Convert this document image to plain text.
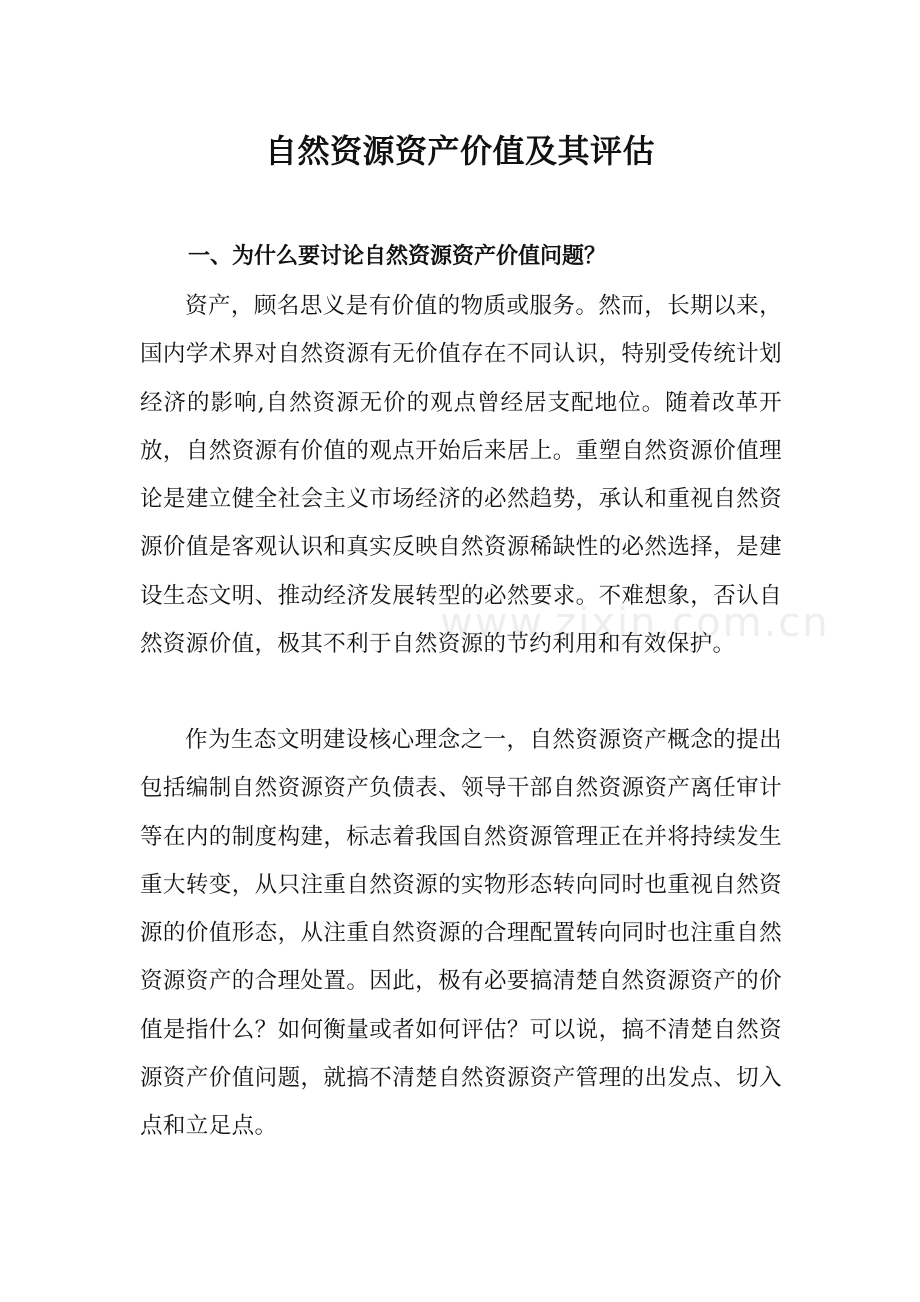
自然资源资产价值及其评估
一、为什么要讨论自然资源资产价值问题？

资产，顾名思义是有价值的物质或服务。然而，长期以来，国内学术界对自然资源有无价值存在不同认识，特别受传统计划经济的影响,自然资源无价的观点曾经居支配地位。随着改革开放，自然资源有价值的观点开始后来居上。重塑自然资源价值理论是建立健全社会主义市场经济的必然趋势，承认和重视自然资源价值是客观认识和真实反映自然资源稀缺性的必然选择，是建设生态文明、推动经济发展转型的必然要求。不难想象，否认自然资源价值，极其不利于自然资源的节约利用和有效保护。

作为生态文明建设核心理念之一，自然资源资产概念的提出包括编制自然资源资产负债表、领导干部自然资源资产离任审计等在内的制度构建，标志着我国自然资源管理正在并将持续发生重大转变，从只注重自然资源的实物形态转向同时也重视自然资源的价值形态，从注重自然资源的合理配置转向同时也注重自然资源资产的合理处置。因此，极有必要搞清楚自然资源资产的价值是指什么？如何衡量或者如何评估？可以说，搞不清楚自然资源资产价值问题，就搞不清楚自然资源资产管理的出发点、切入点和立足点。

www.zixin.com.cn
